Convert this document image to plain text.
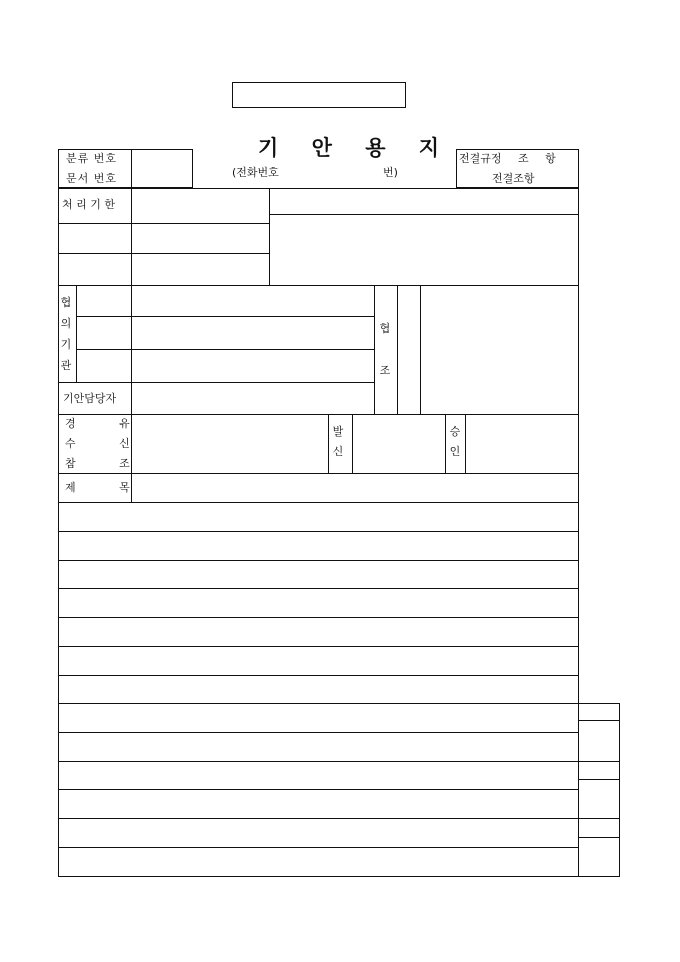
기 안 용 지
(전화번호	번)
분류 번호
문서 번호
전결규정 조 항
전결조항
처 리 기 한
협
의
기
관
기안담당자
협

조
경 유
수 신
참 조
발
신
승
인
제 목
